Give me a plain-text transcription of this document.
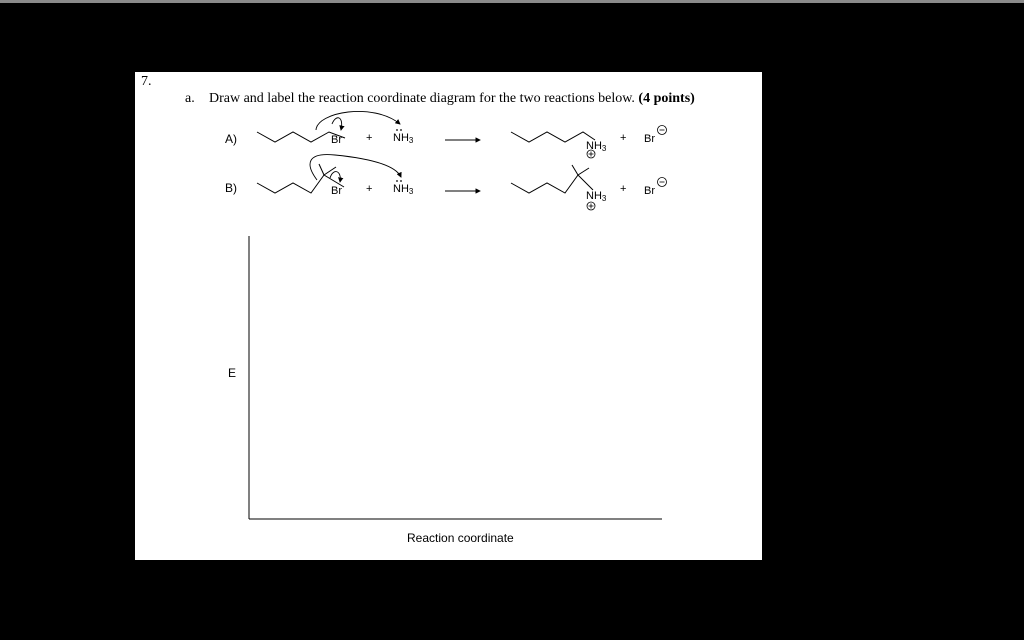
7.
a. Draw and label the reaction coordinate diagram for the two reactions below. (4 points)
A)
B)
$Br + NH_3$	$NH_3$
+ Br
$Br + NH_3$	$NH_3$
+ Br
E
Reaction coordinate
